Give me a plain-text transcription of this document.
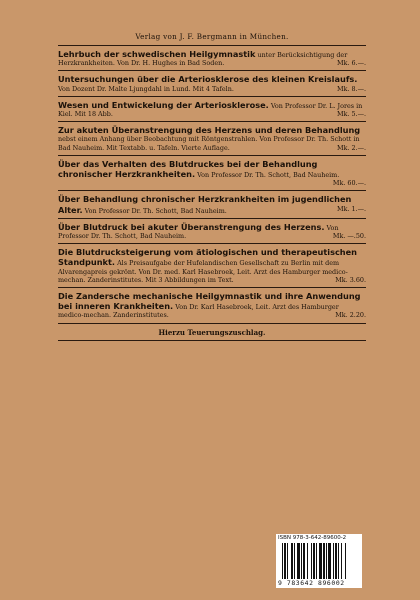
Verlag von J. F. Bergmann in München.
Lehrbuch der schwedischen Heilgymnastik unter Berücksichtigung der Herzkrankheiten. Von Dr. H. Hughes in Bad Soden.	Mk. 6.—.
Untersuchungen über die Arteriosklerose des kleinen Kreislaufs. Von Dozent Dr. Malte Ljungdahl in Lund. Mit 4 Tafeln.	Mk. 8.—.
Wesen und Entwickelung der Arteriosklerose. Von Professor Dr. L. Jores in Kiel. Mit 18 Abb.	Mk. 5.—.
Zur akuten Überanstrengung des Herzens und deren Behandlung nebst einem Anhang über Beobachtung mit Röntgenstrahlen. Von Professor Dr. Th. Schott in Bad Nauheim. Mit Textabb. u. Tafeln. Vierte Auflage.	Mk. 2.—.
Über das Verhalten des Blutdruckes bei der Behandlung chronischer Herzkrankheiten. Von Professor Dr. Th. Schott, Bad Nauheim.
Mk. 60.—.
Über Behandlung chronischer Herzkrankheiten im jugendlichen Alter. Von Professor Dr. Th. Schott, Bad Nauheim.	Mk. 1.—.
Über Blutdruck bei akuter Überanstrengung des Herzens. Von Professor Dr. Th. Schott, Bad Nauheim.	Mk. —.50.
Die Blutdrucksteigerung vom ätiologischen und therapeutischen Standpunkt. Als Preisaufgabe der Hufelandischen Gesellschaft zu Berlin mit dem Alvarengapreis gekrönt. Von Dr. med. Karl Hasebroek, Leit. Arzt des Hamburger medico-mechan. Zanderinstitutes. Mit 3 Abbildungen im Text.	Mk. 3.60.
Die Zandersche mechanische Heilgymnastik und ihre Anwendung bei inneren Krankheiten. Von Dr. Karl Hasebroek, Leit. Arzt des Hamburger medico-mechan. Zanderinstitutes.	Mk. 2.20.
Hierzu Teuerungszuschlag.
ISBN 978-3-642-89600-2
9 783642 896002
